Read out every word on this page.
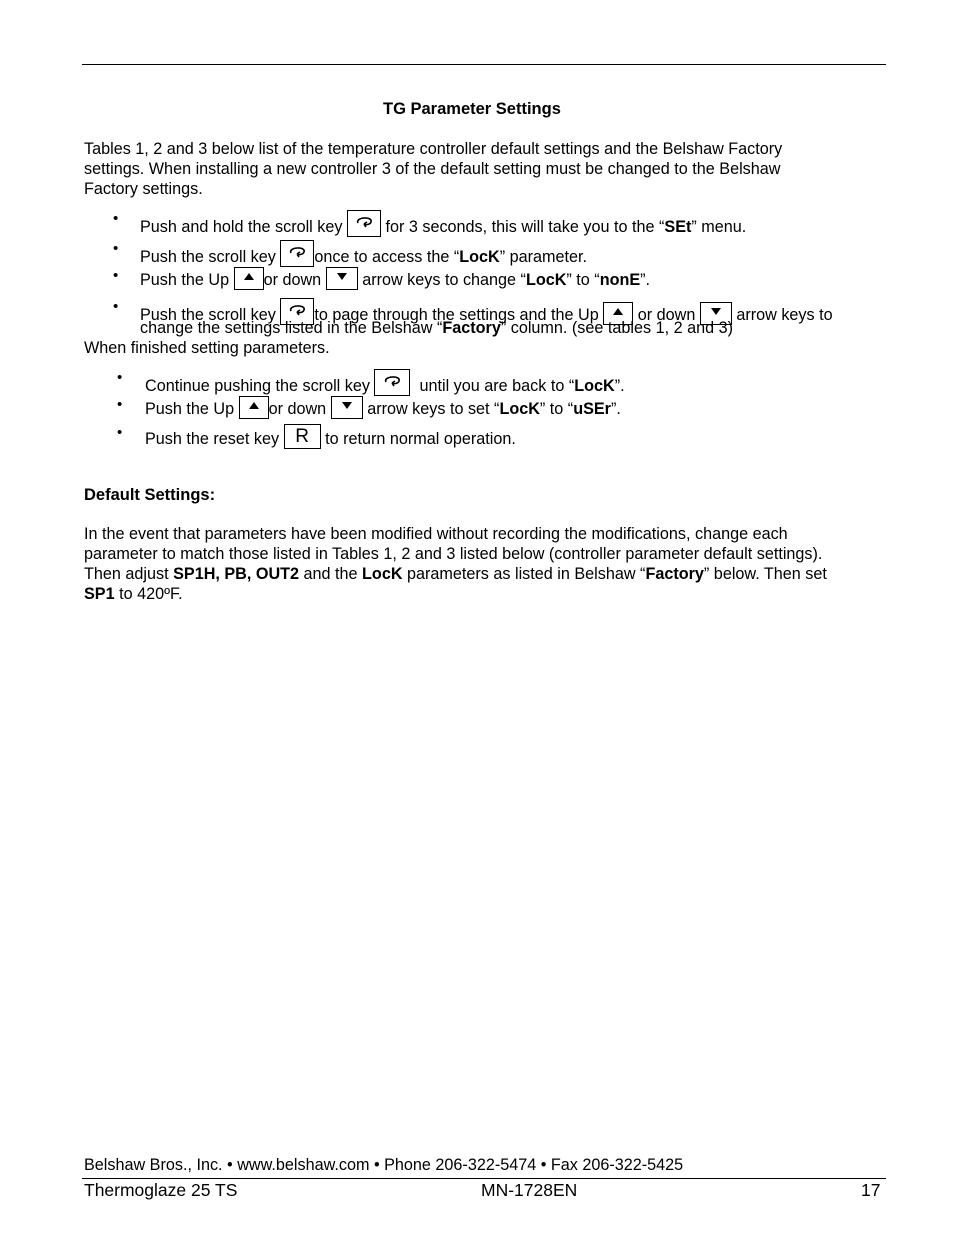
TG Parameter Settings
Tables 1, 2 and 3 below list of the temperature controller default settings and the Belshaw Factory
settings. When installing a new controller 3 of the default setting must be changed to the Belshaw
Factory settings.
• Push and hold the scroll key	for 3 seconds, this will take you to the “SEt” menu.
• Push the scroll key once to access the “LocK” parameter.
• Push the Up or down	arrow keys to change “LocK” to “nonE”.
• Push the scroll key to page through the settings and the Up or down	arrow keys to
change the settings listed in the Belshaw “Factory” column. (see tables 1, 2 and 3)
When finished setting parameters.
• Continue pushing the scroll key	until you are back to “LocK”.
• Push the Up or down	arrow keys to set “LocK” to “uSEr”.
• Push the reset key R to return normal operation.
Default Settings:
In the event that parameters have been modified without recording the modifications, change each
parameter to match those listed in Tables 1, 2 and 3 listed below (controller parameter default settings).
Then adjust SP1H, PB, OUT2 and the LocK parameters as listed in Belshaw “Factory” below. Then set
SP1 to 420ºF.
Belshaw Bros., Inc. • www.belshaw.com • Phone 206-322-5474 • Fax 206-322-5425
Thermoglaze 25 TS	MN-1728EN	17
